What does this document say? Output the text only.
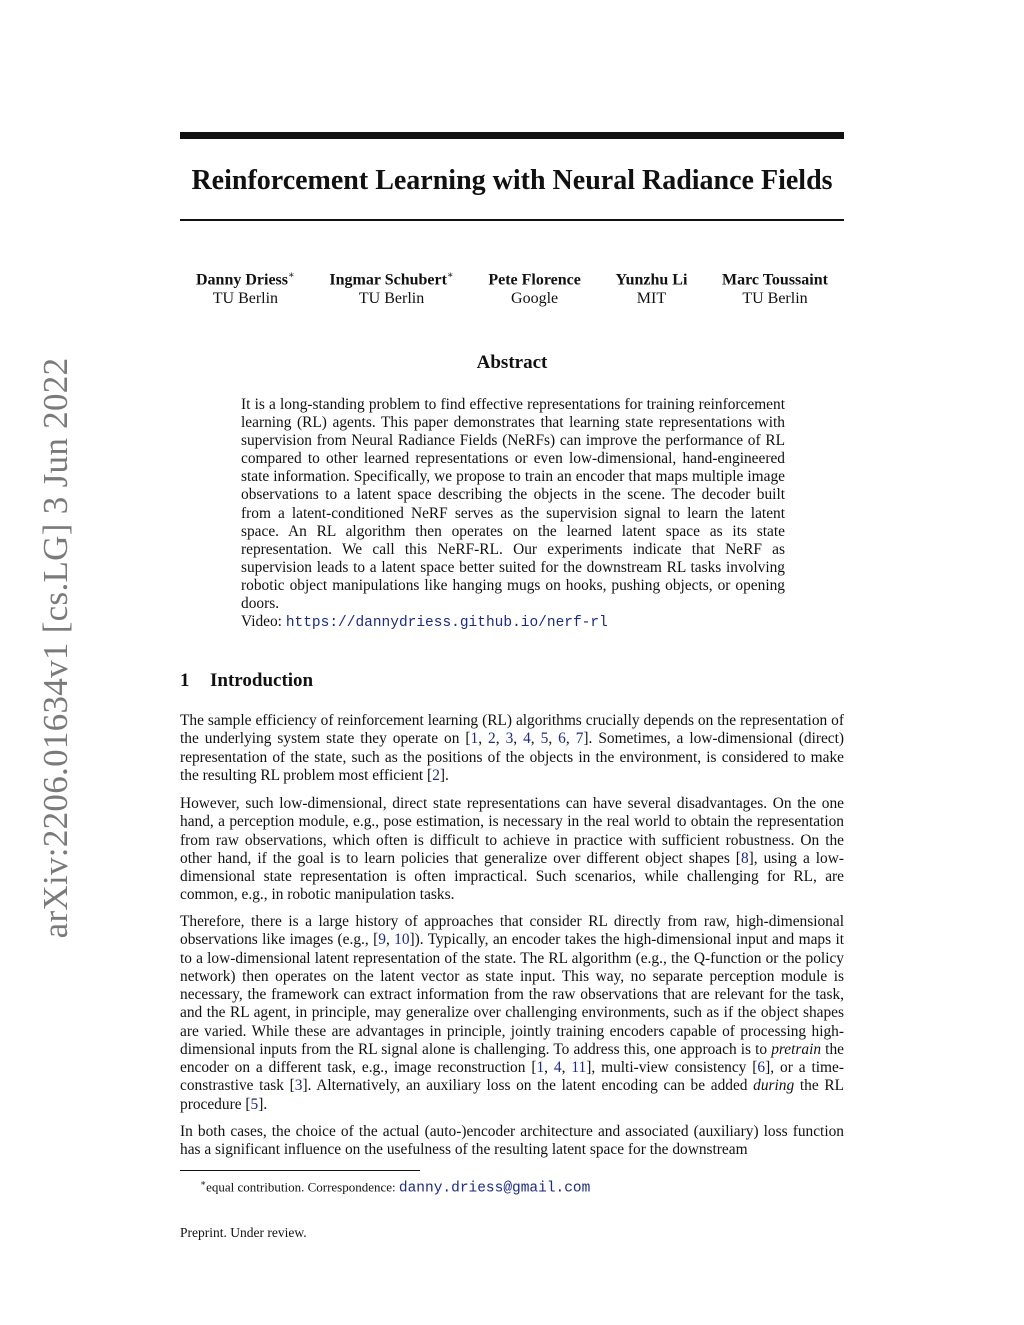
arXiv:2206.01634v1 [cs.LG] 3 Jun 2022
Reinforcement Learning with Neural Radiance Fields
Danny Driess∗
TU Berlin
Ingmar Schubert∗
TU Berlin
Pete Florence
Google
Yunzhu Li
MIT
Marc Toussaint
TU Berlin
Abstract
It is a long-standing problem to find effective representations for training reinforcement learning (RL) agents. This paper demonstrates that learning state representations with supervision from Neural Radiance Fields (NeRFs) can improve the performance of RL compared to other learned representations or even low-dimensional, hand-engineered state information. Specifically, we propose to train an encoder that maps multiple image observations to a latent space describing the objects in the scene. The decoder built from a latent-conditioned NeRF serves as the supervision signal to learn the latent space. An RL algorithm then operates on the learned latent space as its state representation. We call this NeRF-RL. Our experiments indicate that NeRF as supervision leads to a latent space better suited for the downstream RL tasks involving robotic object manipulations like hanging mugs on hooks, pushing objects, or opening doors.
Video: https://dannydriess.github.io/nerf-rl
1 Introduction

The sample efficiency of reinforcement learning (RL) algorithms crucially depends on the representation of the underlying system state they operate on [1, 2, 3, 4, 5, 6, 7]. Sometimes, a low-dimensional (direct) representation of the state, such as the positions of the objects in the environment, is considered to make the resulting RL problem most efficient [2].

However, such low-dimensional, direct state representations can have several disadvantages. On the one hand, a perception module, e.g., pose estimation, is necessary in the real world to obtain the representation from raw observations, which often is difficult to achieve in practice with sufficient robustness. On the other hand, if the goal is to learn policies that generalize over different object shapes [8], using a low-dimensional state representation is often impractical. Such scenarios, while challenging for RL, are common, e.g., in robotic manipulation tasks.

Therefore, there is a large history of approaches that consider RL directly from raw, high-dimensional observations like images (e.g., [9, 10]). Typically, an encoder takes the high-dimensional input and maps it to a low-dimensional latent representation of the state. The RL algorithm (e.g., the Q-function or the policy network) then operates on the latent vector as state input. This way, no separate perception module is necessary, the framework can extract information from the raw observations that are relevant for the task, and the RL agent, in principle, may generalize over challenging environments, such as if the object shapes are varied. While these are advantages in principle, jointly training encoders capable of processing high-dimensional inputs from the RL signal alone is challenging. To address this, one approach is to pretrain the encoder on a different task, e.g., image reconstruction [1, 4, 11], multi-view consistency [6], or a time-constrastive task [3]. Alternatively, an auxiliary loss on the latent encoding can be added during the RL procedure [5].

In both cases, the choice of the actual (auto-)encoder architecture and associated (auxiliary) loss function has a significant influence on the usefulness of the resulting latent space for the downstream

∗equal contribution. Correspondence: danny.driess@gmail.com

Preprint. Under review.
